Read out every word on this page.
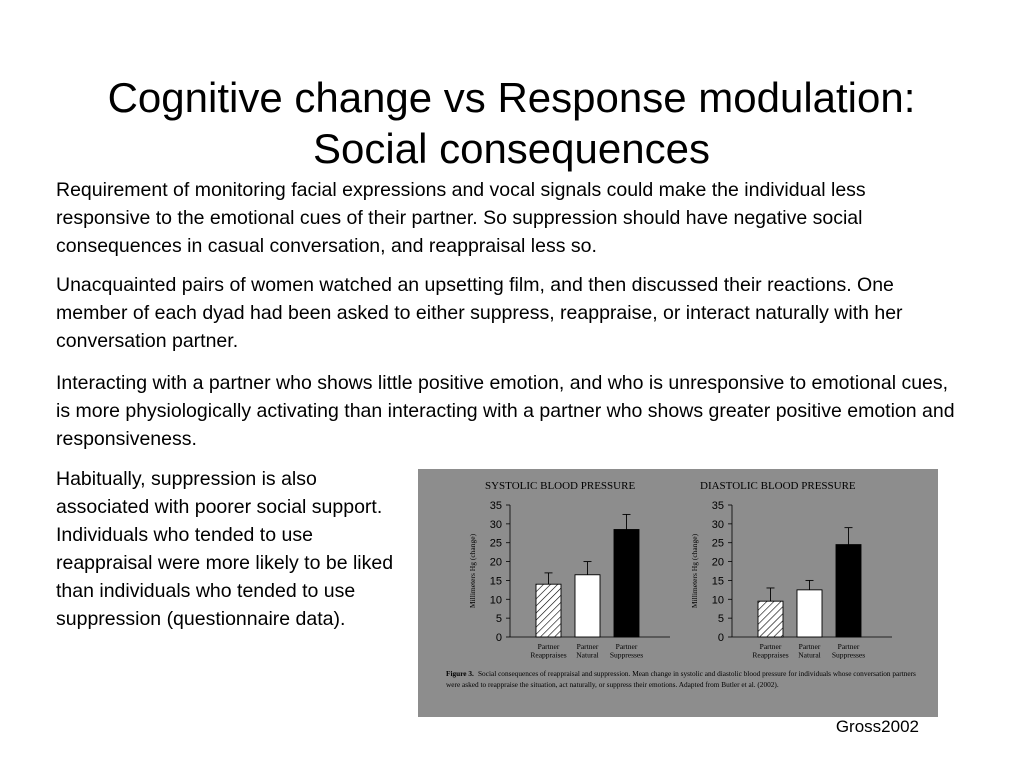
Cognitive change vs Response modulation:
Social consequences

Requirement of monitoring facial expressions and vocal signals could make the individual less responsive to the emotional cues of their partner. So suppression should have negative social consequences in casual conversation, and reappraisal less so.

Unacquainted pairs of women watched an upsetting film, and then discussed their reactions. One member of each dyad had been asked to either suppress, reappraise, or interact naturally with her conversation partner.

Interacting with a partner who shows little positive emotion, and who is unresponsive to emotional cues, is more physiologically activating than interacting with a partner who shows greater positive emotion and responsiveness.

Habitually, suppression is also associated with poorer social support. Individuals who tended to use reappraisal were more likely to be liked than individuals who tended to use suppression (questionnaire data).

Figure 3. Social consequences of reappraisal and suppression. Mean change in systolic and diastolic blood pressure for individuals whose conversation partners
were asked to reappraise the situation, act naturally, or suppress their emotions. Adapted from Butler et al. (2002).
SYSTOLIC BLOOD PRESSURE
Millimeters Hg (change)
0
5
10
15
20
25
30
35
Partner
Reappraises
Partner
Natural
Partner
Suppresses
DIASTOLIC BLOOD PRESSURE
Millimeters Hg (change)
0
5
10
15
20
25
30
35
Partner
Reappraises
Partner
Natural
Partner
Suppresses
Gross2002
